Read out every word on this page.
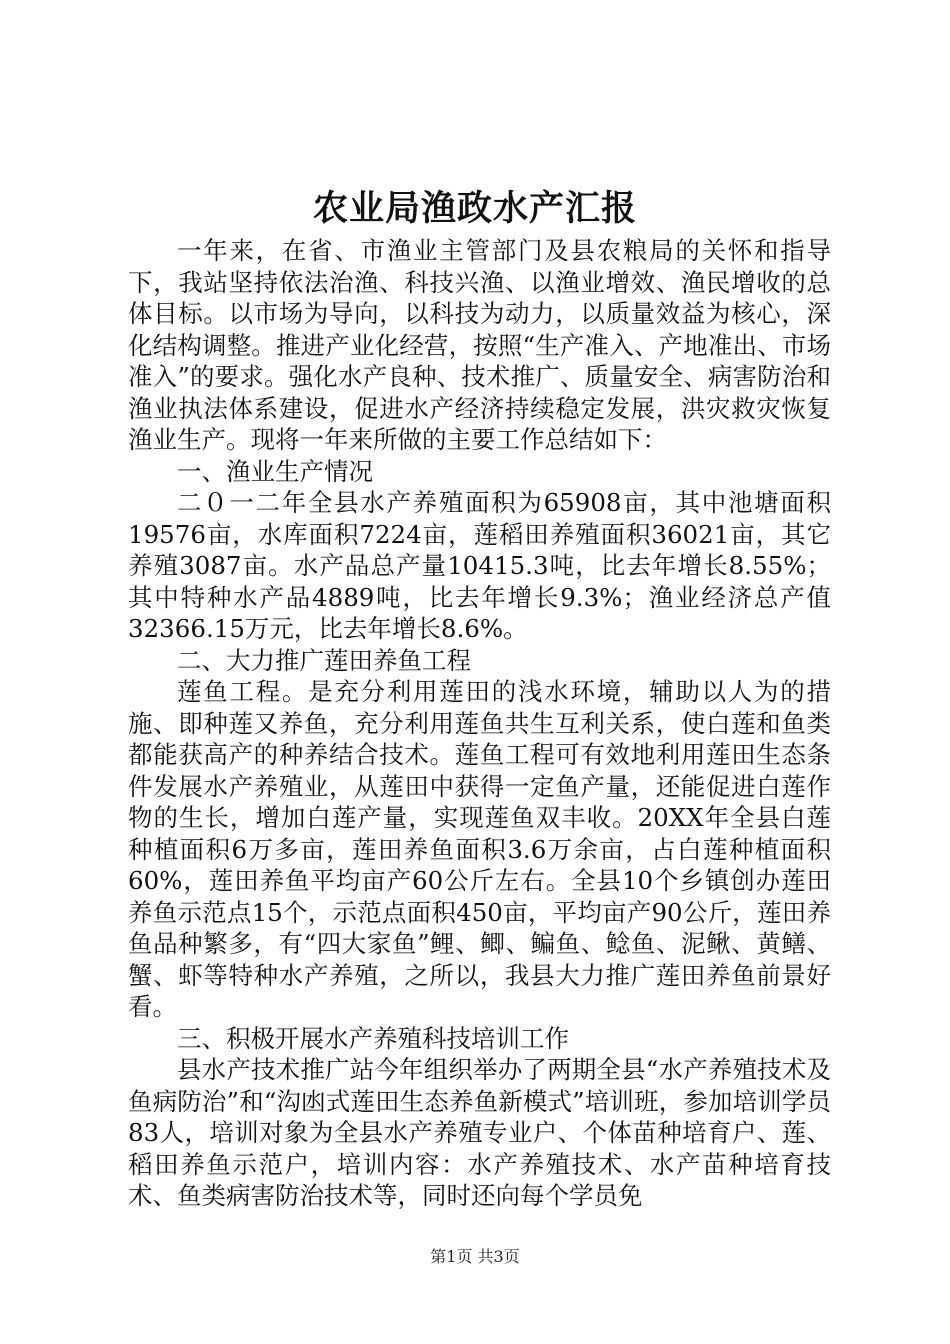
农业局渔政水产汇报

一年来，在省、市渔业主管部门及县农粮局的关怀和指导下，我站坚持依法治渔、科技兴渔、以渔业增效、渔民增收的总体目标。以市场为导向，以科技为动力，以质量效益为核心，深化结构调整。推进产业化经营，按照“生产准入、产地准出、市场准入”的要求。强化水产良种、技术推广、质量安全、病害防治和渔业执法体系建设，促进水产经济持续稳定发展，洪灾救灾恢复渔业生产。现将一年来所做的主要工作总结如下：

一、渔业生产情况

二０一二年全县水产养殖面积为65908亩，其中池塘面积19576亩，水库面积7224亩，莲稻田养殖面积36021亩，其它养殖3087亩。水产品总产量10415.3吨，比去年增长8.55%；其中特种水产品4889吨，比去年增长9.3%；渔业经济总产值32366.15万元，比去年增长8.6%。

二、大力推广莲田养鱼工程

莲鱼工程。是充分利用莲田的浅水环境，辅助以人为的措施、即种莲又养鱼，充分利用莲鱼共生互利关系，使白莲和鱼类都能获高产的种养结合技术。莲鱼工程可有效地利用莲田生态条件发展水产养殖业，从莲田中获得一定鱼产量，还能促进白莲作物的生长，增加白莲产量，实现莲鱼双丰收。20XX年全县白莲种植面积6万多亩，莲田养鱼面积3.6万余亩，占白莲种植面积60%，莲田养鱼平均亩产60公斤左右。全县10个乡镇创办莲田养鱼示范点15个，示范点面积450亩，平均亩产90公斤，莲田养鱼品种繁多，有“四大家鱼”鲤、鲫、鳊鱼、鲶鱼、泥鳅、黄鳝、蟹、虾等特种水产养殖，之所以，我县大力推广莲田养鱼前景好看。

三、积极开展水产养殖科技培训工作

县水产技术推广站今年组织举办了两期全县“水产养殖技术及鱼病防治”和“沟凼式莲田生态养鱼新模式”培训班，参加培训学员83人，培训对象为全县水产养殖专业户、个体苗种培育户、莲、稻田养鱼示范户，培训内容：水产养殖技术、水产苗种培育技术、鱼类病害防治技术等，同时还向每个学员免

第1页 共3页
